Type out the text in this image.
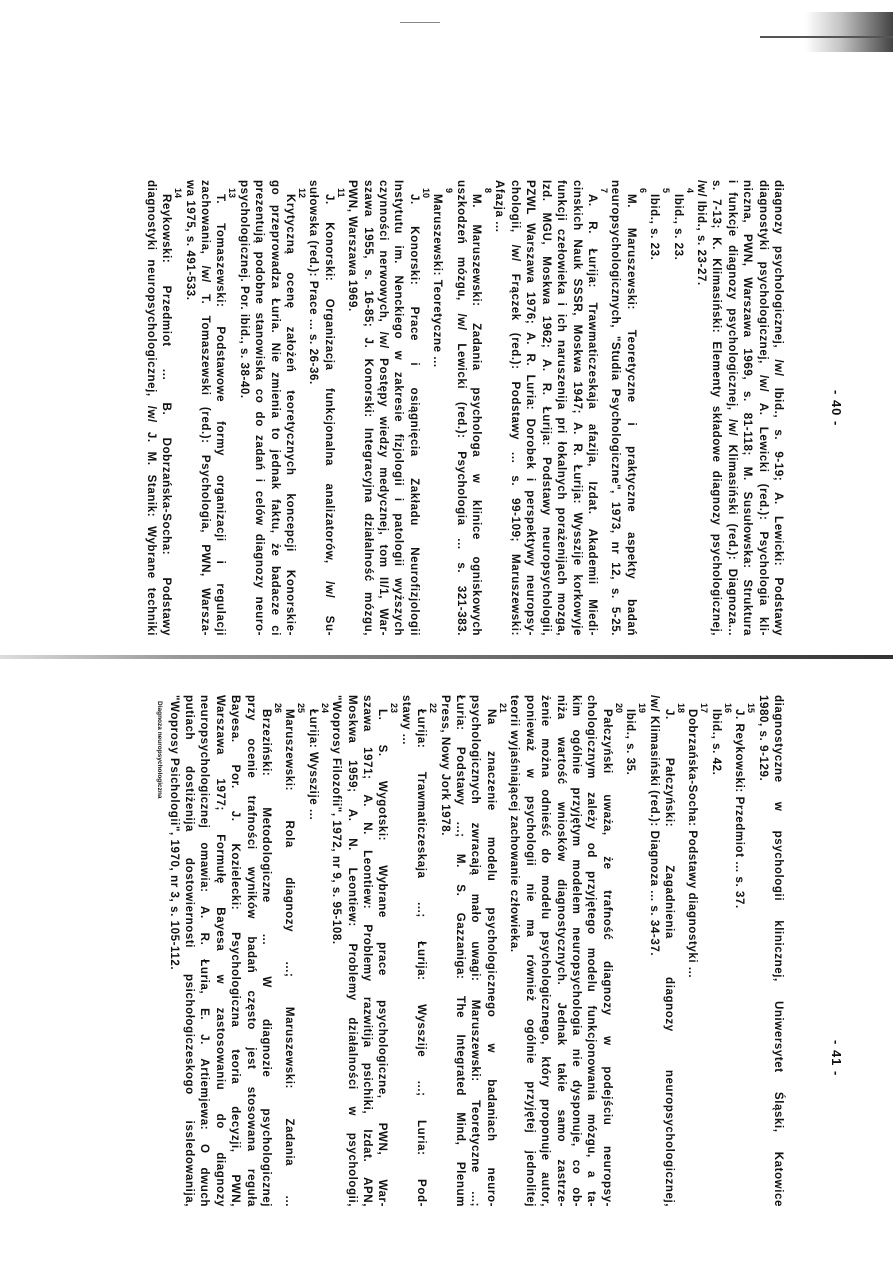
- 40 -
diagnozy psychologicznej, /w/ Ibid., s. 9-19; A. Lewicki: Podstawy
diagnostyki psychologicznej, /w/ A. Lewicki (red.): Psychologia kli-
niczna, PWN, Warszawa 1969, s. 81-118; M. Susułowska: Struktura
i funkcje diagnozy psychologicznej, /w/ Klimasiński (red.): Diagnoza...
s. 7-13; K. Klimasiński: Elementy składowe diagnozy psychologicznej,
/w/ Ibid., s. 23-27.
4
Ibid., s. 23.
5
Ibid., s. 23.
6
M. Maruszewski: Teoretyczne i praktyczne aspekty badań
neuropsychologicznych, "Studia Psychologiczne", 1973, nr 12, s. 5-25.
7
A. R. Łurija: Trawmaticzeskaja afazija, Izdat. Akademii Miedi-
cinskich Nauk SSSR, Moskwa 1947; A. R. Łurija: Wysszije korkowyje
funkcji czełowieka i ich naruszenija pri łokalnych porażenijach mozga,
Izd. MGU, Moskwa 1962; A. R. Łurija: Podstawy neuropsychologii,
PZWL Warszawa 1976; A. R. Luria: Dorobek i perspektywy neuropsy-
chologii, /w/ Frączek (red.): Podstawy ... s. 99-109; Maruszewski:
Afazja ...
8
M. Maruszewski: Zadania psychologa w klinice ogniskowych
uszkodzeń mózgu, /w/ Lewicki (red.): Psychologia ... s. 321-383.
9
Maruszewski: Teoretyczne ...
10
J. Konorski: Prace i osiągnięcia Zakładu Neurofizjologii
Instytutu im. Nenckiego w zakresie fizjologii i patologii wyższych
czynności nerwowych, /w/ Postępy wiedzy medycznej, tom II/1, War-
szawa 1955, s. 16-85; J. Konorski: Integracyjna działalność mózgu,
PWN, Warszawa 1969.
11
J. Konorski: Organizacja funkcjonalna analizatorów, /w/ Su-
sułowska (red.): Prace ... s. 26-36.
12
Krytyczną ocenę założeń teoretycznych koncepcji Konorskie-
go przeprowadza Łuria. Nie zmienia to jednak faktu, że badacze ci
prezentują podobne stanowiska co do zadań i celów diagnozy neuro-
psychologicznej. Por. ibid., s. 38-40.
13
T. Tomaszewski: Podstawowe formy organizacji i regulacji
zachowania, /w/ T. Tomaszewski (red.): Psychologia, PWN, Warsza-
wa 1975, s. 491-533.
14
Reykowski: Przedmiot ... B. Dobrzańska-Socha: Podstawy
diagnostyki neuropsychologicznej, /w/ J. M. Stanik: Wybrane techniki
- 41 -
diagnostyczne w psychologii klinicznej, Uniwersytet Śląski, Katowice
1980, s. 9-129.
15
J. Reykowski: Przedmiot ... s. 37.
16
Ibid., s. 42.
17
Dobrzańska-Socha: Podstawy diagnostyki ...
18
J. Pałczyński: Zagadnienia diagnozy neuropsychologicznej,
/w/ Klimasiński (red.): Diagnoza ... s. 34-37.
19
Ibid., s. 35.
20
Pałczyński uważa, że trafność diagnozy w podejściu neuropsy-
chologicznym zależy od przyjętego modelu funkcjonowania mózgu, a ta-
kim ogólnie przyjętym modelem neuropsychologia nie dysponuje, co ob-
niża wartość wniosków diagnostycznych. Jednak takie samo zastrze-
żenie można odnieść do modelu psychologicznego, który proponuje autor,
ponieważ w psychologii nie ma również ogólnie przyjętej jednolitej
teorii wyjaśniającej zachowanie człowieka.
21
Na znaczenie modelu psychologicznego w badaniach neuro-
psychologicznych zwracają mało uwagi: Maruszewski: Teoretyczne ...;
Łuria: Podstawy ...; M. S. Gazzaniga: The Integrated Mind, Plenum
Press, Nowy Jork 1978.
22
Łurija: Trawmaticzeskaja ...; Łurija: Wysszije ...; Luria: Pod-
stawy ...
23
L. S. Wygotski: Wybrane prace psychologiczne, PWN, War-
szawa 1971; A. N. Leontiew: Problemy razwitija psichiki, Izdat. APN,
Moskwa 1959; A. N. Leontiew: Problemy działalności w psychologii,
"Woprosy Filozofii", 1972, nr 9, s. 95-108.
24
Łurija: Wysszije ...
25
Maruszewski: Rola diagnozy ...; Maruszewski: Zadania ...
26
Brzeziński: Metodologiczne ... W diagnozie psychologicznej
przy ocenie trafności wyników badań często jest stosowana reguła
Bayesa. Por. J. Kozielecki: Psychologiczna teoria decyzji, PWN,
Warszawa 1977; Formułę Bayesa w zastosowaniu do diagnozy
neuropsychologicznej omawia: A. R. Łuria, E. J. Artiemjewa: O dwuch
putiach dostiżenija dostowiernosti psichołogiczeskogo issledowanija,
"Woprosy Psichologii", 1970, nr 3, s. 105-112.
Diagnoza neuropsychologiczna
